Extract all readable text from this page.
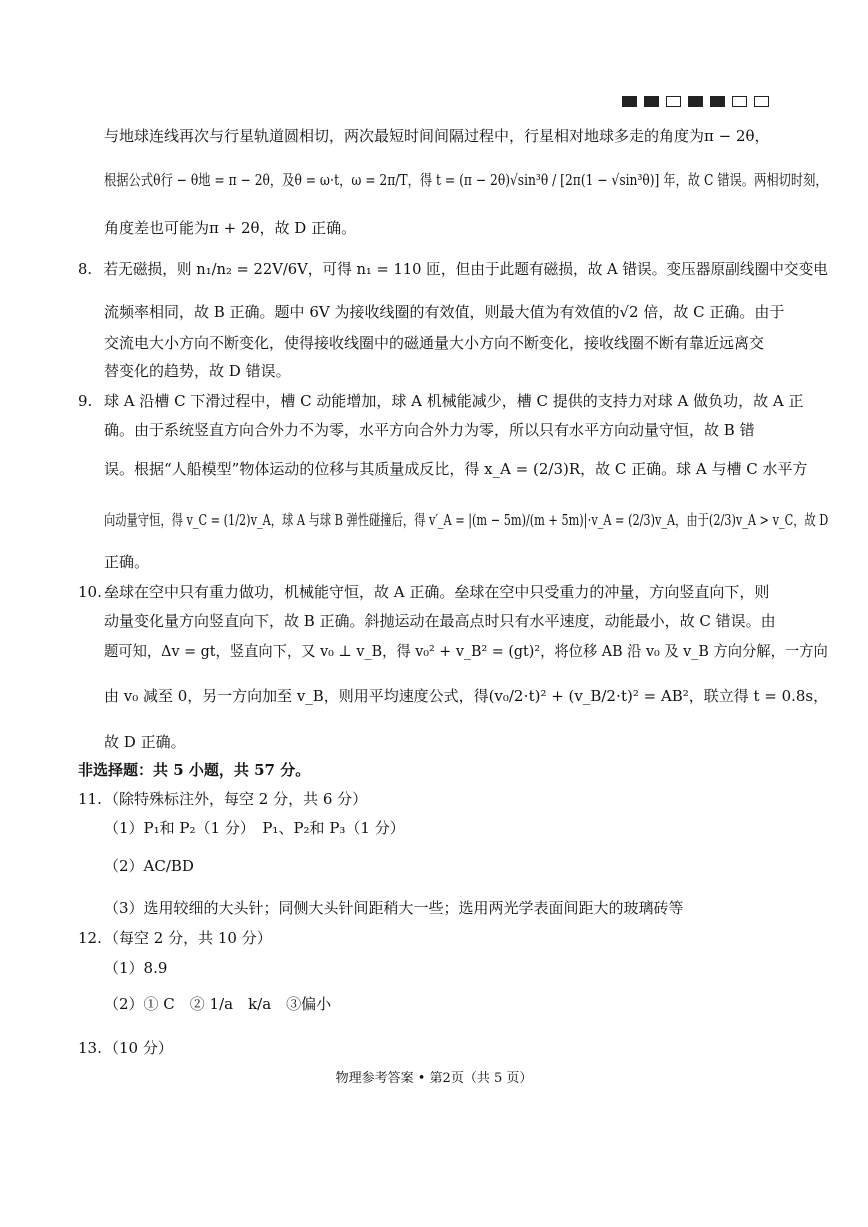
与地球连线再次与行星轨道圆相切，两次最短时间间隔过程中，行星相对地球多走的角度为π − 2θ，
根据公式θ行 − θ地 = π − 2θ，及θ = ω⋅t，ω = 2π/T，得 t = (π − 2θ)√sin³θ / [2π(1 − √sin³θ)] 年，故 C 错误。两相切时刻，
角度差也可能为π + 2θ，故 D 正确。
8. 若无磁损，则 n₁/n₂ = 22V/6V，可得 n₁ = 110 匝，但由于此题有磁损，故 A 错误。变压器原副线圈中交变电
流频率相同，故 B 正确。题中 6V 为接收线圈的有效值，则最大值为有效值的√2 倍，故 C 正确。由于
交流电大小方向不断变化，使得接收线圈中的磁通量大小方向不断变化，接收线圈不断有靠近远离交
替变化的趋势，故 D 错误。
9. 球 A 沿槽 C 下滑过程中，槽 C 动能增加，球 A 机械能减少，槽 C 提供的支持力对球 A 做负功，故 A 正
确。由于系统竖直方向合外力不为零，水平方向合外力为零，所以只有水平方向动量守恒，故 B 错
误。根据“人船模型”物体运动的位移与其质量成反比，得 x_A = (2/3)R，故 C 正确。球 A 与槽 C 水平方
向动量守恒，得 v_C = (1/2)v_A，球 A 与球 B 弹性碰撞后，得 v′_A = |(m − 5m)/(m + 5m)|⋅v_A = (2/3)v_A，由于(2/3)v_A > v_C，故 D
正确。
10. 垒球在空中只有重力做功，机械能守恒，故 A 正确。垒球在空中只受重力的冲量，方向竖直向下，则
动量变化量方向竖直向下，故 B 正确。斜抛运动在最高点时只有水平速度，动能最小，故 C 错误。由
题可知，Δv = gt，竖直向下，又 v₀ ⊥ v_B，得 v₀² + v_B² = (gt)²，将位移 AB 沿 v₀ 及 v_B 方向分解，一方向
由 v₀ 减至 0，另一方向加至 v_B，则用平均速度公式，得(v₀/2⋅t)² + (v_B/2⋅t)² = AB²，联立得 t = 0.8s，
故 D 正确。
非选择题：共 5 小题，共 57 分。
11. （除特殊标注外，每空 2 分，共 6 分）
（1）P₁和 P₂（1 分）　P₁、P₂和 P₃（1 分）
（2）AC/BD
（3）选用较细的大头针；同侧大头针间距稍大一些；选用两光学表面间距大的玻璃砖等
12. （每空 2 分，共 10 分）
（1）8.9
（2）① C　② 1/a　k/a　③偏小
13. （10 分）
物理参考答案 • 第2页（共 5 页）
